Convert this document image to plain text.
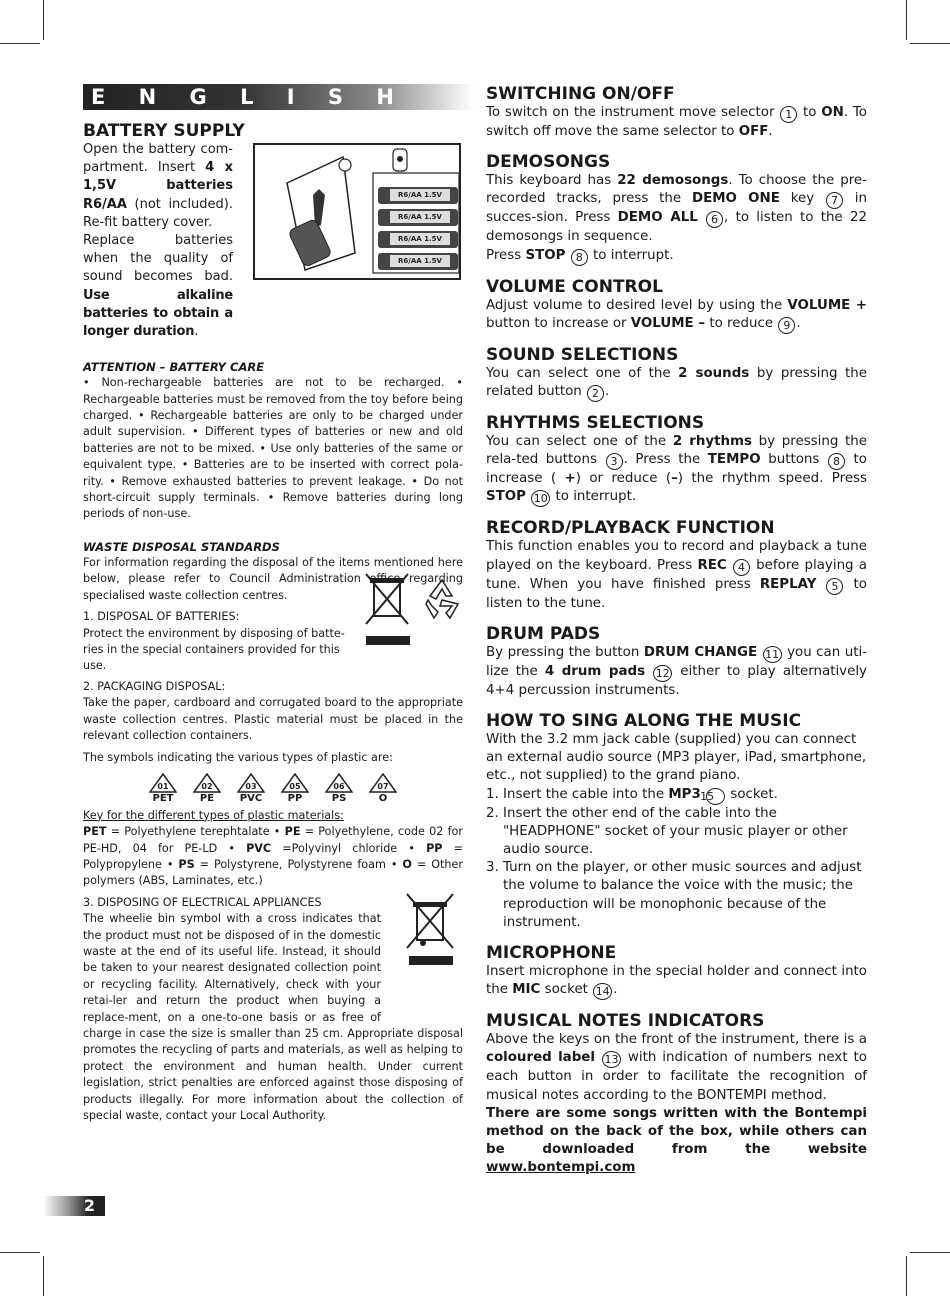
R6/AA 1.5V
R6/AA 1.5V
R6/AA 1.5V
R6/AA 1.5V
E N G L I S H
BATTERY SUPPLY

Open the battery com-partment. Insert 4 x 1,5V batteries R6/AA (not included). Re-fit battery cover.

Replace batteries when the quality of sound becomes bad. Use alkaline batteries to obtain a longer duration.

ATTENTION – BATTERY CARE

• Non-rechargeable batteries are not to be recharged. • Rechargeable batteries must be removed from the toy before being charged. • Rechargeable batteries are only to be charged under adult supervision. • Different types of batteries or new and old batteries are not to be mixed. • Use only batteries of the same or equivalent type. • Batteries are to be inserted with correct pola-rity. • Remove exhausted batteries to prevent leakage. • Do not short-circuit supply terminals. • Remove batteries during long periods of non-use.

WASTE DISPOSAL STANDARDS

For information regarding the disposal of the items mentioned here below, please refer to Council Administration office regarding specialised waste collection centres.

1. DISPOSAL OF BATTERIES:

Protect the environment by disposing of batte-ries in the special containers provided for this use.

2. PACKAGING DISPOSAL:

Take the paper, cardboard and corrugated board to the appropriate waste collection centres. Plastic material must be placed in the relevant collection containers.

The symbols indicating the various types of plastic are:

01
PET
02
PE
03
PVC
05
PP
06
PS
07
O

Key for the different types of plastic materials:

PET = Polyethylene terephtalate • PE = Polyethylene, code 02 for PE-HD, 04 for PE-LD • PVC =Polyvinyl chloride • PP = Polypropylene • PS = Polystyrene, Polystyrene foam • O = Other polymers (ABS, Laminates, etc.)

3. DISPOSING OF ELECTRICAL APPLIANCES

The wheelie bin symbol with a cross indicates that the product must not be disposed of in the domestic waste at the end of its useful life. Instead, it should be taken to your nearest designated collection point or recycling facility. Alternatively, check with your retai-ler and return the product when buying a replace-ment, on a one-to-one basis or as free of charge in case the size is smaller than 25 cm. Appropriate disposal promotes the recycling of parts and materials, as well as helping to protect the environment and human health. Under current legislation, strict penalties are enforced against those disposing of products illegally. For more information about the collection of special waste, contact your Local Authority.

SWITCHING ON/OFF

To switch on the instrument move selector 1 to ON. To switch off move the same selector to OFF.

DEMOSONGS

This keyboard has 22 demosongs. To choose the pre-recorded tracks, press the DEMO ONE key 7 in succes-sion. Press DEMO ALL 6 , to listen to the 22 demosongs in sequence.

Press STOP 8 to interrupt.

VOLUME CONTROL

Adjust volume to desired level by using the VOLUME + button to increase or VOLUME – to reduce 9 .

SOUND SELECTIONS

You can select one of the 2 sounds by pressing the related button 2 .

RHYTHMS SELECTIONS

You can select one of the 2 rhythms by pressing the rela-ted buttons 3 . Press the TEMPO buttons 8 to increase ( +) or reduce (–) the rhythm speed. Press STOP 10 to interrupt.

RECORD/PLAYBACK FUNCTION

This function enables you to record and playback a tune played on the keyboard. Press REC 4 before playing a tune. When you have finished press REPLAY 5 to listen to the tune.

DRUM PADS

By pressing the button DRUM CHANGE 11 you can uti-lize the 4 drum pads 12 either to play alternatively 4+4 percussion instruments.

HOW TO SING ALONG THE MUSIC

With the 3.2 mm jack cable (supplied) you can connect an external audio source (MP3 player, iPad, smartphone, etc., not supplied) to the grand piano.

1. Insert the cable into the MP3 15 socket.
2. Insert the other end of the cable into the "HEADPHONE" socket of your music player or other audio source.
3. Turn on the player, or other music sources and adjust the volume to balance the voice with the music; the reproduction will be monophonic because of the instrument.
MICROPHONE

Insert microphone in the special holder and connect into the MIC socket 14 .

MUSICAL NOTES INDICATORS

Above the keys on the front of the instrument, there is a coloured label 13 with indication of numbers next to each button in order to facilitate the recognition of musical notes according to the BONTEMPI method.

There are some songs written with the Bontempi method on the back of the box, while others can be downloaded from the website www.bontempi.com

2
